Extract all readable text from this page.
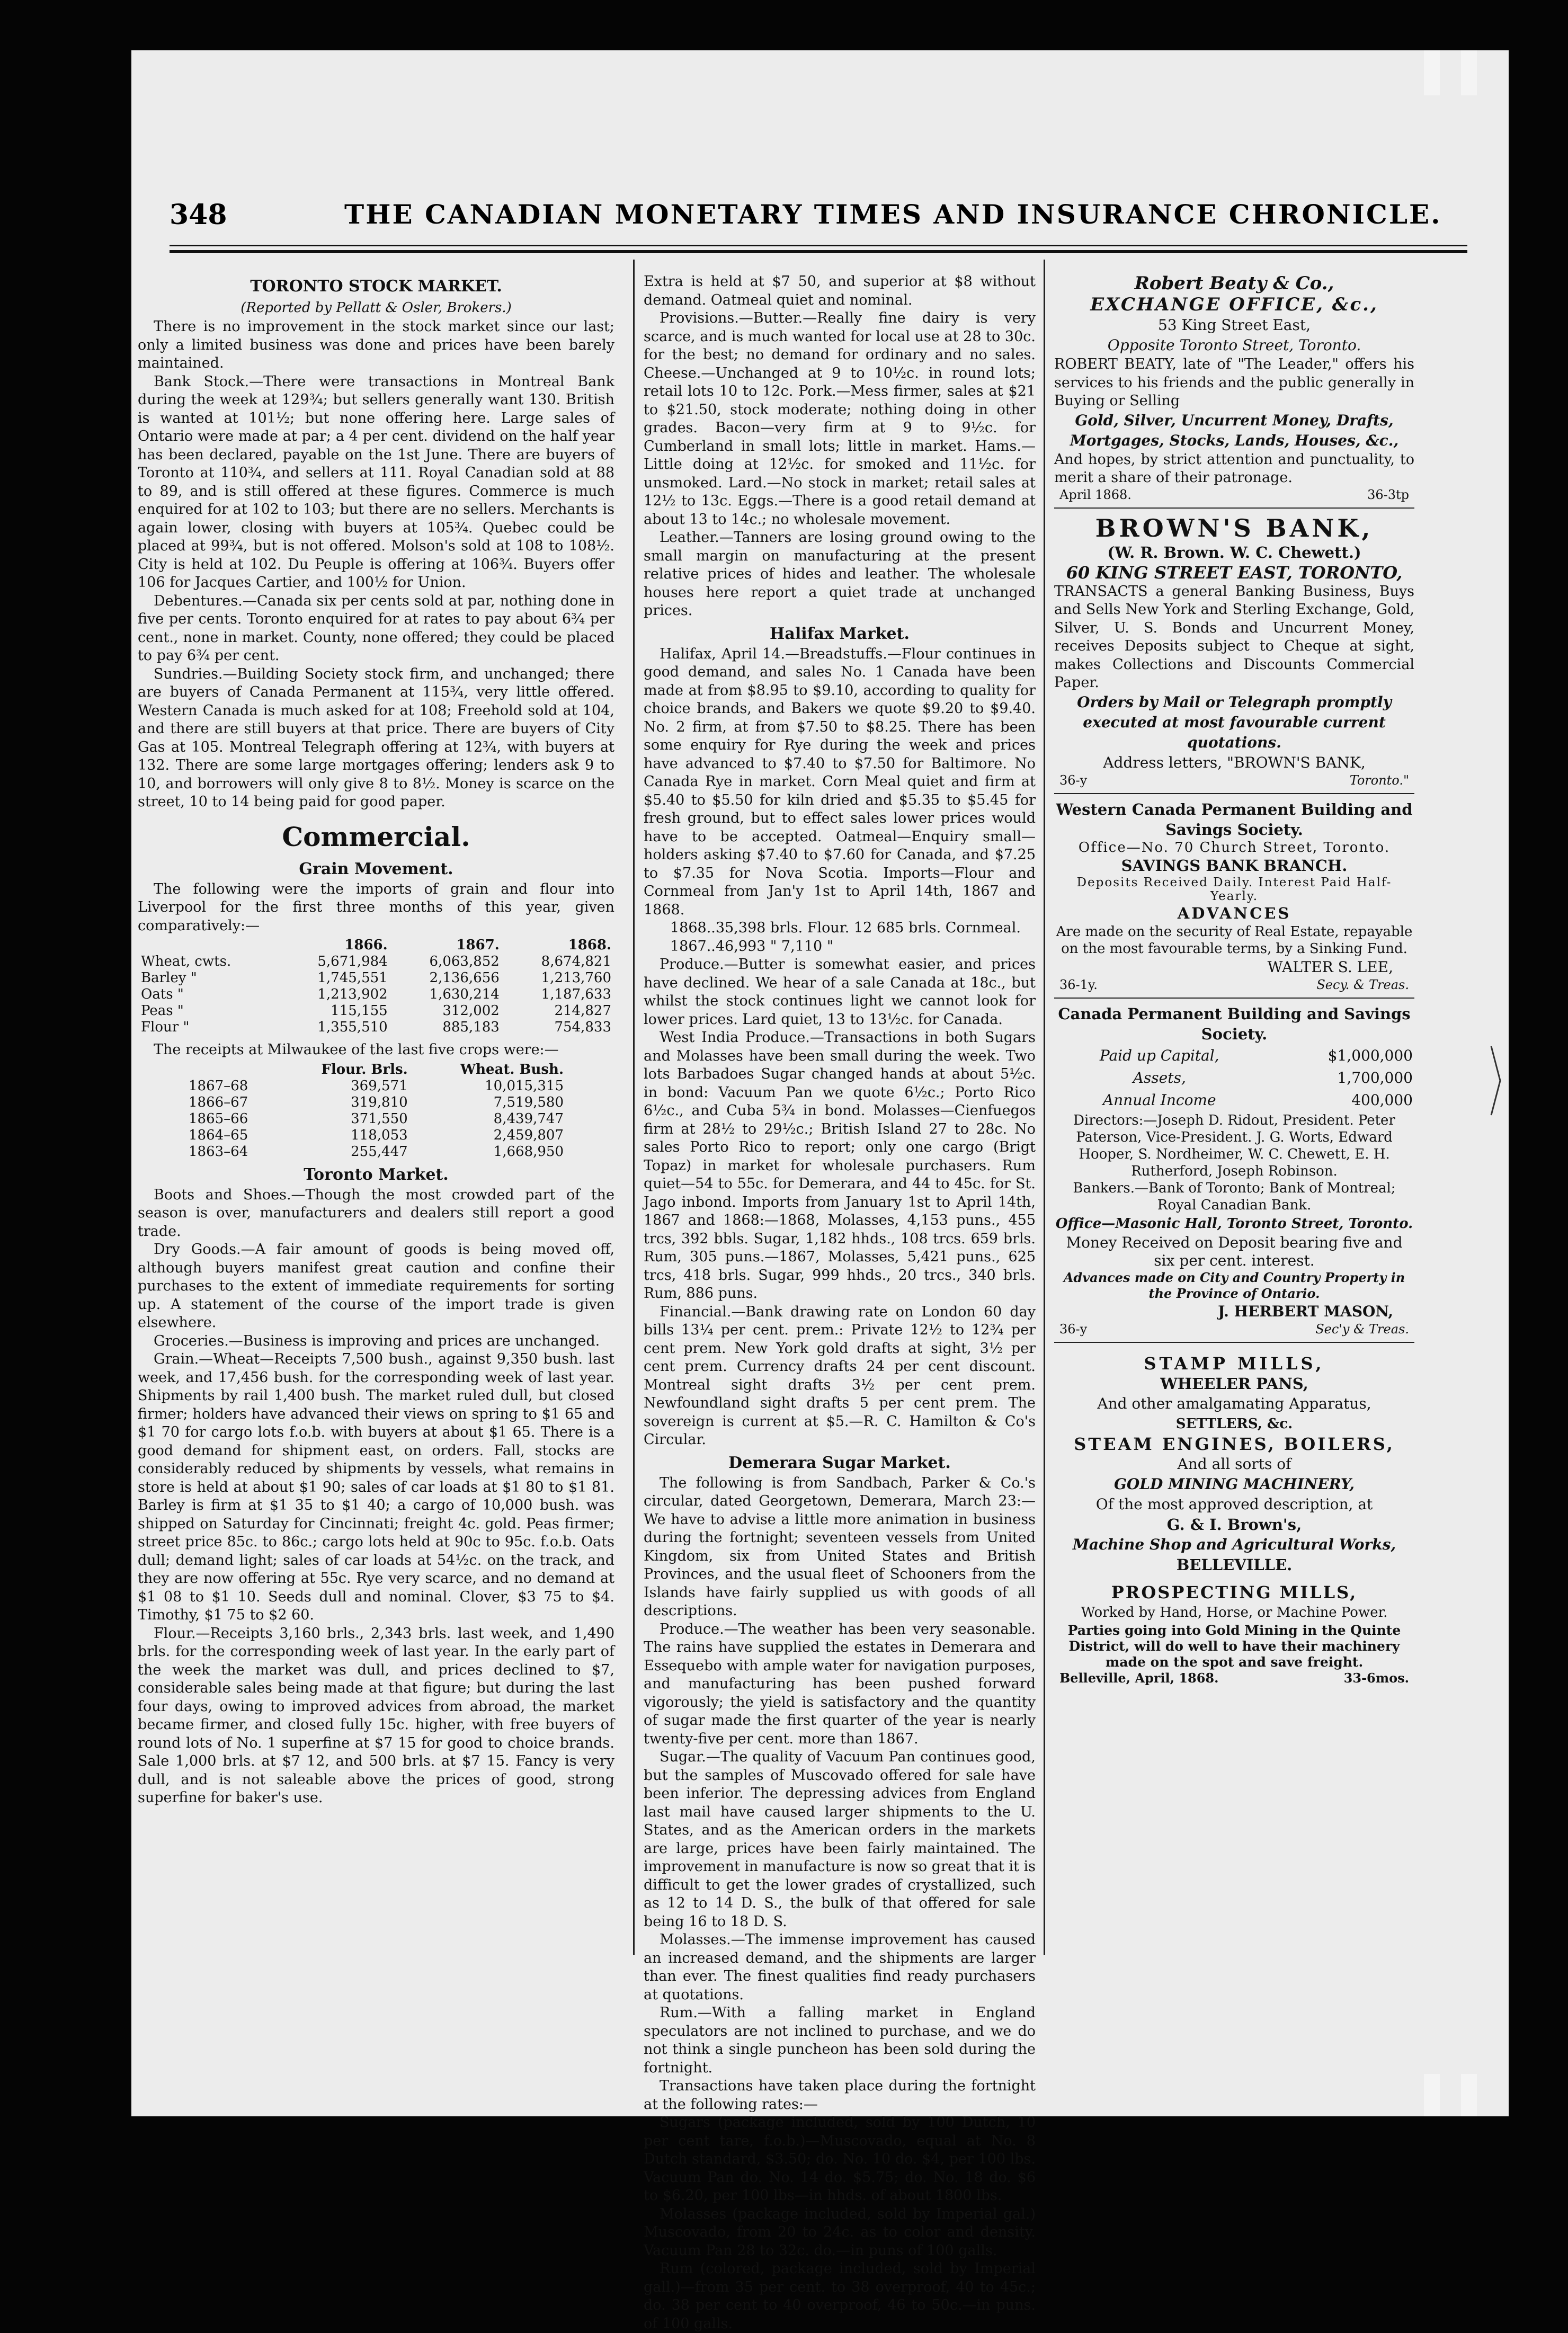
348	THE CANADIAN MONETARY TIMES AND INSURANCE CHRONICLE.
TORONTO STOCK MARKET.
(Reported by Pellatt & Osler, Brokers.)

There is no improvement in the stock market since our last; only a limited business was done and prices have been barely maintained.

Bank Stock.—There were transactions in Montreal Bank during the week at 129¾; but sellers generally want 130. British is wanted at 101½; but none offering here. Large sales of Ontario were made at par; a 4 per cent. dividend on the half year has been declared, payable on the 1st June. There are buyers of Toronto at 110¾, and sellers at 111. Royal Canadian sold at 88 to 89, and is still offered at these figures. Commerce is much enquired for at 102 to 103; but there are no sellers. Merchants is again lower, closing with buyers at 105¾. Quebec could be placed at 99¾, but is not offered. Molson's sold at 108 to 108½. City is held at 102. Du Peuple is offering at 106¾. Buyers offer 106 for Jacques Cartier, and 100½ for Union.

Debentures.—Canada six per cents sold at par, nothing done in five per cents. Toronto enquired for at rates to pay about 6¾ per cent., none in market. County, none offered; they could be placed to pay 6¾ per cent.

Sundries.—Building Society stock firm, and unchanged; there are buyers of Canada Permanent at 115¾, very little offered. Western Canada is much asked for at 108; Freehold sold at 104, and there are still buyers at that price. There are buyers of City Gas at 105. Montreal Telegraph offering at 12¾, with buyers at 132. There are some large mortgages offering; lenders ask 9 to 10, and borrowers will only give 8 to 8½. Money is scarce on the street, 10 to 14 being paid for good paper.

Commercial.
Grain Movement.

The following were the imports of grain and flour into Liverpool for the first three months of this year, given comparatively:—

	1866.	1867.	1868.
Wheat, cwts.	5,671,984	6,063,852	8,674,821
Barley "	1,745,551	2,136,656	1,213,760
Oats "	1,213,902	1,630,214	1,187,633
Peas "	115,155	312,002	214,827
Flour "	1,355,510	885,183	754,833

The receipts at Milwaukee of the last five crops were:—

	Flour. Brls.	Wheat. Bush.
1867–68	369,571	10,015,315
1866–67	319,810	7,519,580
1865–66	371,550	8,439,747
1864–65	118,053	2,459,807
1863–64	255,447	1,668,950
Toronto Market.

Boots and Shoes.—Though the most crowded part of the season is over, manufacturers and dealers still report a good trade.

Dry Goods.—A fair amount of goods is being moved off, although buyers manifest great caution and confine their purchases to the extent of immediate requirements for sorting up. A statement of the course of the import trade is given elsewhere.

Groceries.—Business is improving and prices are unchanged.

Grain.—Wheat—Receipts 7,500 bush., against 9,350 bush. last week, and 17,456 bush. for the corresponding week of last year. Shipments by rail 1,400 bush. The market ruled dull, but closed firmer; holders have advanced their views on spring to $1 65 and $1 70 for cargo lots f.o.b. with buyers at about $1 65. There is a good demand for shipment east, on orders. Fall, stocks are considerably reduced by shipments by vessels, what remains in store is held at about $1 90; sales of car loads at $1 80 to $1 81. Barley is firm at $1 35 to $1 40; a cargo of 10,000 bush. was shipped on Saturday for Cincinnati; freight 4c. gold. Peas firmer; street price 85c. to 86c.; cargo lots held at 90c to 95c. f.o.b. Oats dull; demand light; sales of car loads at 54½c. on the track, and they are now offering at 55c. Rye very scarce, and no demand at $1 08 to $1 10. Seeds dull and nominal. Clover, $3 75 to $4. Timothy, $1 75 to $2 60.

Flour.—Receipts 3,160 brls., 2,343 brls. last week, and 1,490 brls. for the corresponding week of last year. In the early part of the week the market was dull, and prices declined to $7, considerable sales being made at that figure; but during the last four days, owing to improved advices from abroad, the market became firmer, and closed fully 15c. higher, with free buyers of round lots of No. 1 superfine at $7 15 for good to choice brands. Sale 1,000 brls. at $7 12, and 500 brls. at $7 15. Fancy is very dull, and is not saleable above the prices of good, strong superfine for baker's use.

Extra is held at $7 50, and superior at $8 without demand. Oatmeal quiet and nominal.

Provisions.—Butter.—Really fine dairy is very scarce, and is much wanted for local use at 28 to 30c. for the best; no demand for ordinary and no sales. Cheese.—Unchanged at 9 to 10½c. in round lots; retail lots 10 to 12c. Pork.—Mess firmer, sales at $21 to $21.50, stock moderate; nothing doing in other grades. Bacon—very firm at 9 to 9½c. for Cumberland in small lots; little in market. Hams.—Little doing at 12½c. for smoked and 11½c. for unsmoked. Lard.—No stock in market; retail sales at 12½ to 13c. Eggs.—There is a good retail demand at about 13 to 14c.; no wholesale movement.

Leather.—Tanners are losing ground owing to the small margin on manufacturing at the present relative prices of hides and leather. The wholesale houses here report a quiet trade at unchanged prices.

Halifax Market.

Halifax, April 14.—Breadstuffs.—Flour continues in good demand, and sales No. 1 Canada have been made at from $8.95 to $9.10, according to quality for choice brands, and Bakers we quote $9.20 to $9.40. No. 2 firm, at from $7.50 to $8.25. There has been some enquiry for Rye during the week and prices have advanced to $7.40 to $7.50 for Baltimore. No Canada Rye in market. Corn Meal quiet and firm at $5.40 to $5.50 for kiln dried and $5.35 to $5.45 for fresh ground, but to effect sales lower prices would have to be accepted. Oatmeal—Enquiry small—holders asking $7.40 to $7.60 for Canada, and $7.25 to $7.35 for Nova Scotia. Imports—Flour and Cornmeal from Jan'y 1st to April 14th, 1867 and 1868.

1868..35,398 brls. Flour. 12 685 brls. Cornmeal.

1867..46,993 " 7,110 "

Produce.—Butter is somewhat easier, and prices have declined. We hear of a sale Canada at 18c., but whilst the stock continues light we cannot look for lower prices. Lard quiet, 13 to 13½c. for Canada.

West India Produce.—Transactions in both Sugars and Molasses have been small during the week. Two lots Barbadoes Sugar changed hands at about 5½c. in bond: Vacuum Pan we quote 6½c.; Porto Rico 6½c., and Cuba 5¾ in bond. Molasses—Cienfuegos firm at 28½ to 29½c.; British Island 27 to 28c. No sales Porto Rico to report; only one cargo (Brigt Topaz) in market for wholesale purchasers. Rum quiet—54 to 55c. for Demerara, and 44 to 45c. for St. Jago inbond. Imports from January 1st to April 14th, 1867 and 1868:—1868, Molasses, 4,153 puns., 455 trcs, 392 bbls. Sugar, 1,182 hhds., 108 trcs. 659 brls. Rum, 305 puns.—1867, Molasses, 5,421 puns., 625 trcs, 418 brls. Sugar, 999 hhds., 20 trcs., 340 brls. Rum, 886 puns.

Financial.—Bank drawing rate on London 60 day bills 13¼ per cent. prem.: Private 12½ to 12¾ per cent prem. New York gold drafts at sight, 3½ per cent prem. Currency drafts 24 per cent discount. Montreal sight drafts 3½ per cent prem. Newfoundland sight drafts 5 per cent prem. The sovereign is current at $5.—R. C. Hamilton & Co's Circular.

Demerara Sugar Market.

The following is from Sandbach, Parker & Co.'s circular, dated Georgetown, Demerara, March 23:— We have to advise a little more animation in business during the fortnight; seventeen vessels from United Kingdom, six from United States and British Provinces, and the usual fleet of Schooners from the Islands have fairly supplied us with goods of all descriptions.

Produce.—The weather has been very seasonable. The rains have supplied the estates in Demerara and Essequebo with ample water for navigation purposes, and manufacturing has been pushed forward vigorously; the yield is satisfactory and the quantity of sugar made the first quarter of the year is nearly twenty-five per cent. more than 1867.

Sugar.—The quality of Vacuum Pan continues good, but the samples of Muscovado offered for sale have been inferior. The depressing advices from England last mail have caused larger shipments to the U. States, and as the American orders in the markets are large, prices have been fairly maintained. The improvement in manufacture is now so great that it is difficult to get the lower grades of crystallized, such as 12 to 14 D. S., the bulk of that offered for sale being 16 to 18 D. S.

Molasses.—The immense improvement has caused an increased demand, and the shipments are larger than ever. The finest qualities find ready purchasers at quotations.

Rum.—With a falling market in England speculators are not inclined to purchase, and we do not think a single puncheon has been sold during the fortnight.

Transactions have taken place during the fortnight at the following rates:—

Sugars (package included, sold by 100 Dutch, 10 per cent tare, f.o.b.)—Muscovado, equal at No. 8 Dutch standard, $3.50; do. No. 10 do. $4, per 100 lbs. Vacuum Pan do. No. 14 do. $5.75; do. No. 18 do. $6 to $6.20, per 100 lbs—in hhds. of about 1800 lbs.

Molasses (package included, sold by Imperial gal.) Muscovado, from 20 to 24c. as to color and density. Vacuum Pan 28 to 32c. do.—in puns of 100 galls.

Rum (colored, package included, sold by Imperial gall.)—from 35 per cent. to 38 overproof, 40 to 45c.; do. 38 per cent to 40 overproof, 46 to 50c.—in puns. of 100 galls.

Robert Beaty & Co.,
EXCHANGE OFFICE, &c.,
53 King Street East,
Opposite Toronto Street, Toronto.

ROBERT BEATY, late of "The Leader," offers his services to his friends and the public generally in Buying or Selling

Gold, Silver, Uncurrent Money, Drafts, Mortgages, Stocks, Lands, Houses, &c.,

And hopes, by strict attention and punctuality, to merit a share of their patronage.

April 1868.	36-3tp
BROWN'S BANK,
(W. R. Brown. W. C. Chewett.)
60 KING STREET EAST, TORONTO,

TRANSACTS a general Banking Business, Buys and Sells New York and Sterling Exchange, Gold, Silver, U. S. Bonds and Uncurrent Money, receives Deposits subject to Cheque at sight, makes Collections and Discounts Commercial Paper.

Orders by Mail or Telegraph promptly executed at most favourable current quotations.
Address letters, "BROWN'S BANK,
36-y	Toronto."
Western Canada Permanent Building and Savings Society.
Office—No. 70 Church Street, Toronto.
SAVINGS BANK BRANCH.
Deposits Received Daily. Interest Paid Half-Yearly.
ADVANCES
Are made on the security of Real Estate, repayable on the most favourable terms, by a Sinking Fund.
WALTER S. LEE,
36-1y.	Secy. & Treas.
Canada Permanent Building and Savings Society.
Paid up Capital,	$1,000,000
Assets,	1,700,000
Annual Income	400,000
Directors:—Joseph D. Ridout, President. Peter Paterson, Vice-President. J. G. Worts, Edward Hooper, S. Nordheimer, W. C. Chewett, E. H. Rutherford, Joseph Robinson.
Bankers.—Bank of Toronto; Bank of Montreal; Royal Canadian Bank.
Office—Masonic Hall, Toronto Street, Toronto.
Money Received on Deposit bearing five and six per cent. interest.
Advances made on City and Country Property in the Province of Ontario.
J. HERBERT MASON,
36-y	Sec'y & Treas.
STAMP MILLS,
WHEELER PANS,
And other amalgamating Apparatus,
SETTLERS, &c.
STEAM ENGINES, BOILERS,
And all sorts of
GOLD MINING MACHINERY,
Of the most approved description, at
G. & I. Brown's,
Machine Shop and Agricultural Works,
BELLEVILLE.
PROSPECTING MILLS,
Worked by Hand, Horse, or Machine Power.
Parties going into Gold Mining in the Quinte District, will do well to have their machinery made on the spot and save freight.
Belleville, April, 1868.	33-6mos.
